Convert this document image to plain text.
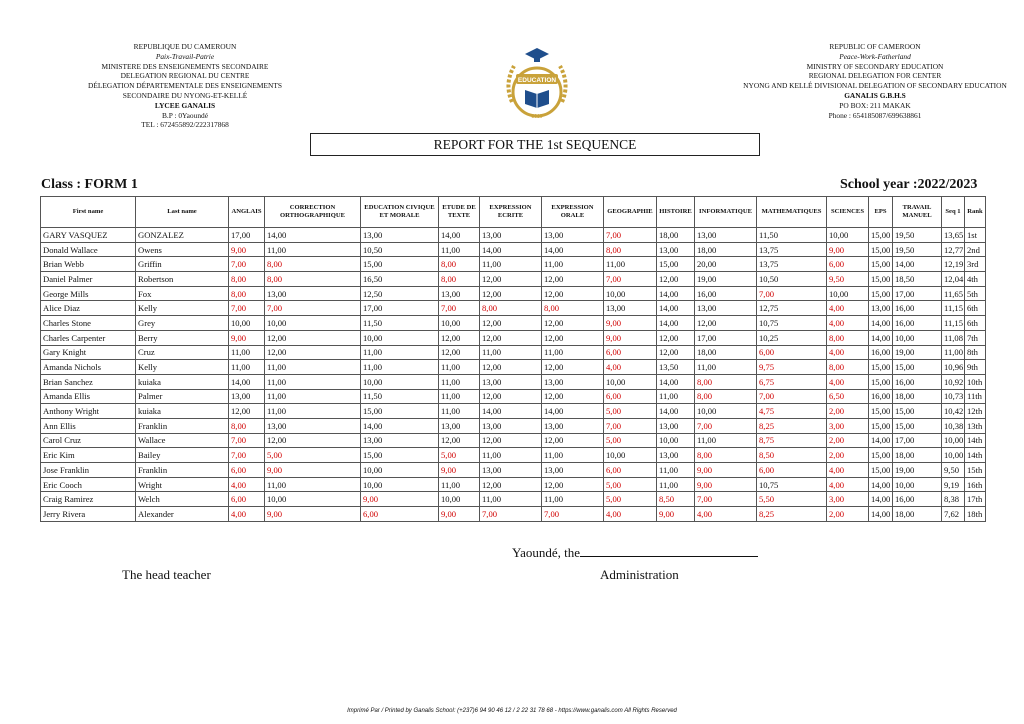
REPUBLIQUE DU CAMEROUN
Paix-Travail-Patrie
MINISTERE DES ENSEIGNEMENTS SECONDAIRE
DELEGATION REGIONAL DU CENTRE
DÉLEGATION DÉPARTEMENTALE DES ENSEIGNEMENTS
SECONDAIRE DU NYONG-ET-KELLÉ
LYCEE GANALIS
B.P : 0Yaoundé
TEL : 672455892/222317868
EDUCATION
2019
REPUBLIC OF CAMEROON
Peace-Work-Fatherland
MINISTRY OF SECONDARY EDUCATION
REGIONAL DELEGATION FOR CENTER
NYONG AND KELLÉ DIVISIONAL DELEGATION OF SECONDARY EDUCATION
GANALIS G.B.H.S
PO BOX: 211 MAKAK
Phone : 654185087/699638861
REPORT FOR THE 1st SEQUENCE
Class : FORM 1	School year :2022/2023
First name	Last name	ANGLAIS	CORRECTION ORTHOGRAPHIQUE	EDUCATION CIVIQUE ET MORALE	ETUDE DE TEXTE	EXPRESSION ECRITE	EXPRESSION ORALE	GEOGRAPHIE	HISTOIRE	INFORMATIQUE	MATHEMATIQUES	SCIENCES	EPS	TRAVAIL MANUEL	Seq 1	Rank
GARY VASQUEZ	GONZALEZ	17,00	14,00	13,00	14,00	13,00	13,00	7,00	18,00	13,00	11,50	10,00	15,00	19,50	13,65	1st
Donald Wallace	Owens	9,00	11,00	10,50	11,00	14,00	14,00	8,00	13,00	18,00	13,75	9,00	15,00	19,50	12,77	2nd
Brian Webb	Griffin	7,00	8,00	15,00	8,00	11,00	11,00	11,00	15,00	20,00	13,75	6,00	15,00	14,00	12,19	3rd
Daniel Palmer	Robertson	8,00	8,00	16,50	8,00	12,00	12,00	7,00	12,00	19,00	10,50	9,50	15,00	18,50	12,04	4th
George Mills	Fox	8,00	13,00	12,50	13,00	12,00	12,00	10,00	14,00	16,00	7,00	10,00	15,00	17,00	11,65	5th
Alice Diaz	Kelly	7,00	7,00	17,00	7,00	8,00	8,00	13,00	14,00	13,00	12,75	4,00	13,00	16,00	11,15	6th
Charles Stone	Grey	10,00	10,00	11,50	10,00	12,00	12,00	9,00	14,00	12,00	10,75	4,00	14,00	16,00	11,15	6th
Charles Carpenter	Berry	9,00	12,00	10,00	12,00	12,00	12,00	9,00	12,00	17,00	10,25	8,00	14,00	10,00	11,08	7th
Gary Knight	Cruz	11,00	12,00	11,00	12,00	11,00	11,00	6,00	12,00	18,00	6,00	4,00	16,00	19,00	11,00	8th
Amanda Nichols	Kelly	11,00	11,00	11,00	11,00	12,00	12,00	4,00	13,50	11,00	9,75	8,00	15,00	15,00	10,96	9th
Brian Sanchez	kuiaka	14,00	11,00	10,00	11,00	13,00	13,00	10,00	14,00	8,00	6,75	4,00	15,00	16,00	10,92	10th
Amanda Ellis	Palmer	13,00	11,00	11,50	11,00	12,00	12,00	6,00	11,00	8,00	7,00	6,50	16,00	18,00	10,73	11th
Anthony Wright	kuiaka	12,00	11,00	15,00	11,00	14,00	14,00	5,00	14,00	10,00	4,75	2,00	15,00	15,00	10,42	12th
Ann Ellis	Franklin	8,00	13,00	14,00	13,00	13,00	13,00	7,00	13,00	7,00	8,25	3,00	15,00	15,00	10,38	13th
Carol Cruz	Wallace	7,00	12,00	13,00	12,00	12,00	12,00	5,00	10,00	11,00	8,75	2,00	14,00	17,00	10,00	14th
Eric Kim	Bailey	7,00	5,00	15,00	5,00	11,00	11,00	10,00	13,00	8,00	8,50	2,00	15,00	18,00	10,00	14th
Jose Franklin	Franklin	6,00	9,00	10,00	9,00	13,00	13,00	6,00	11,00	9,00	6,00	4,00	15,00	19,00	9,50	15th
Eric Cooch	Wright	4,00	11,00	10,00	11,00	12,00	12,00	5,00	11,00	9,00	10,75	4,00	14,00	10,00	9,19	16th
Craig Ramirez	Welch	6,00	10,00	9,00	10,00	11,00	11,00	5,00	8,50	7,00	5,50	3,00	14,00	16,00	8,38	17th
Jerry Rivera	Alexander	4,00	9,00	6,00	9,00	7,00	7,00	4,00	9,00	4,00	8,25	2,00	14,00	18,00	7,62	18th
Yaoundé, the
The head teacher	Administration
Imprimé Par / Printed by Ganalis School: (+237)6 94 90 46 12 / 2 22 31 78 68 - https://www.ganalis.com All Rights Reserved
